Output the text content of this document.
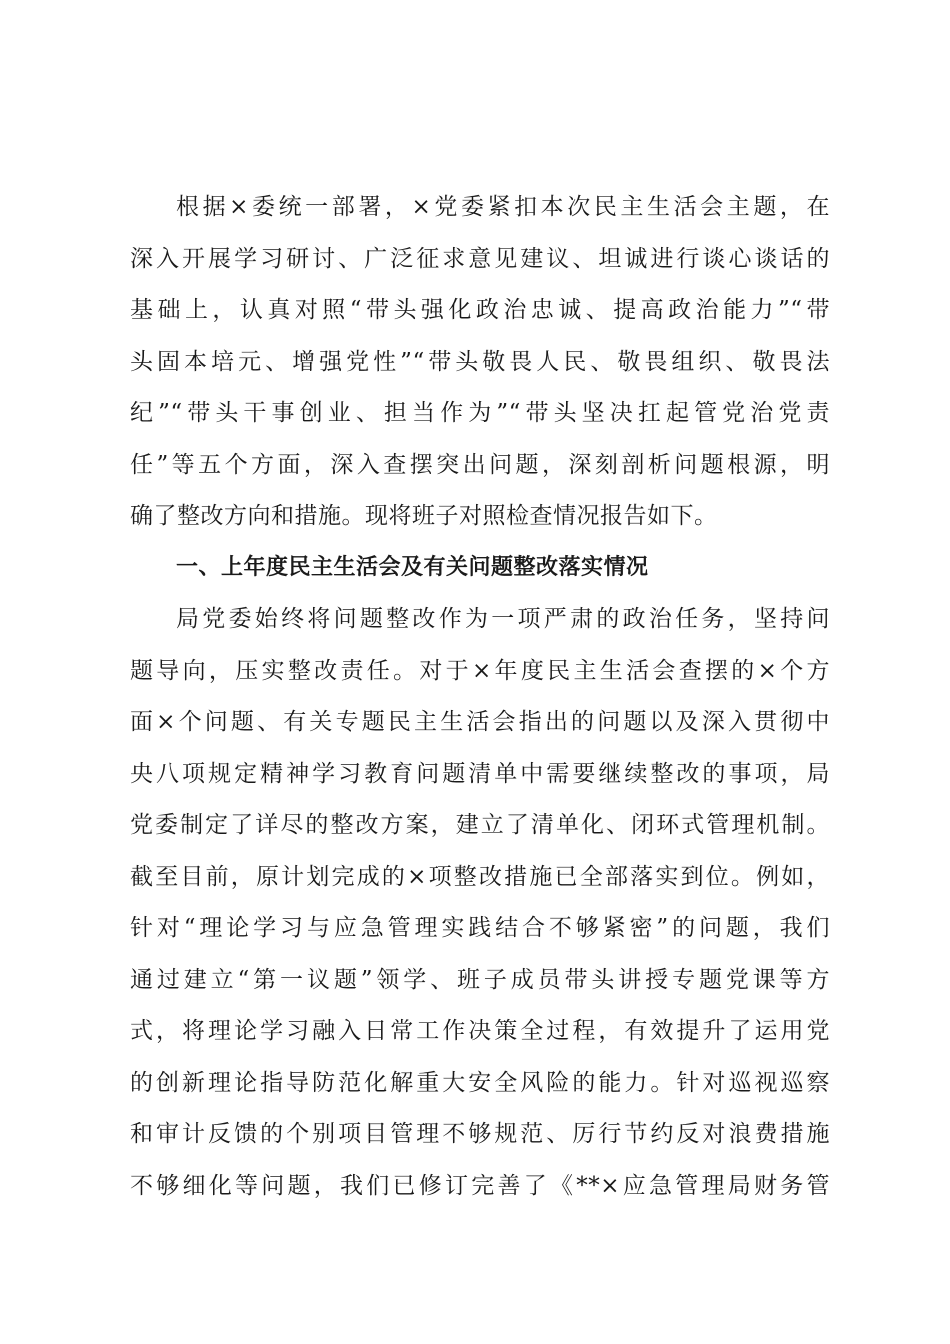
根据×委统一部署，×党委紧扣本次民主生活会主题，在
深入开展学习研讨、广泛征求意见建议、坦诚进行谈心谈话的
基础上，认真对照“带头强化政治忠诚、提高政治能力”“带
头固本培元、增强党性”“带头敬畏人民、敬畏组织、敬畏法
纪”“带头干事创业、担当作为”“带头坚决扛起管党治党责
任”等五个方面，深入查摆突出问题，深刻剖析问题根源，明
确了整改方向和措施。现将班子对照检查情况报告如下。
一、上年度民主生活会及有关问题整改落实情况
局党委始终将问题整改作为一项严肃的政治任务，坚持问
题导向，压实整改责任。对于×年度民主生活会查摆的×个方
面×个问题、有关专题民主生活会指出的问题以及深入贯彻中
央八项规定精神学习教育问题清单中需要继续整改的事项，局
党委制定了详尽的整改方案，建立了清单化、闭环式管理机制。
截至目前，原计划完成的×项整改措施已全部落实到位。例如，
针对“理论学习与应急管理实践结合不够紧密”的问题，我们
通过建立“第一议题”领学、班子成员带头讲授专题党课等方
式，将理论学习融入日常工作决策全过程，有效提升了运用党
的创新理论指导防范化解重大安全风险的能力。针对巡视巡察
和审计反馈的个别项目管理不够规范、厉行节约反对浪费措施
不够细化等问题，我们已修订完善了《**×应急管理局财务管
